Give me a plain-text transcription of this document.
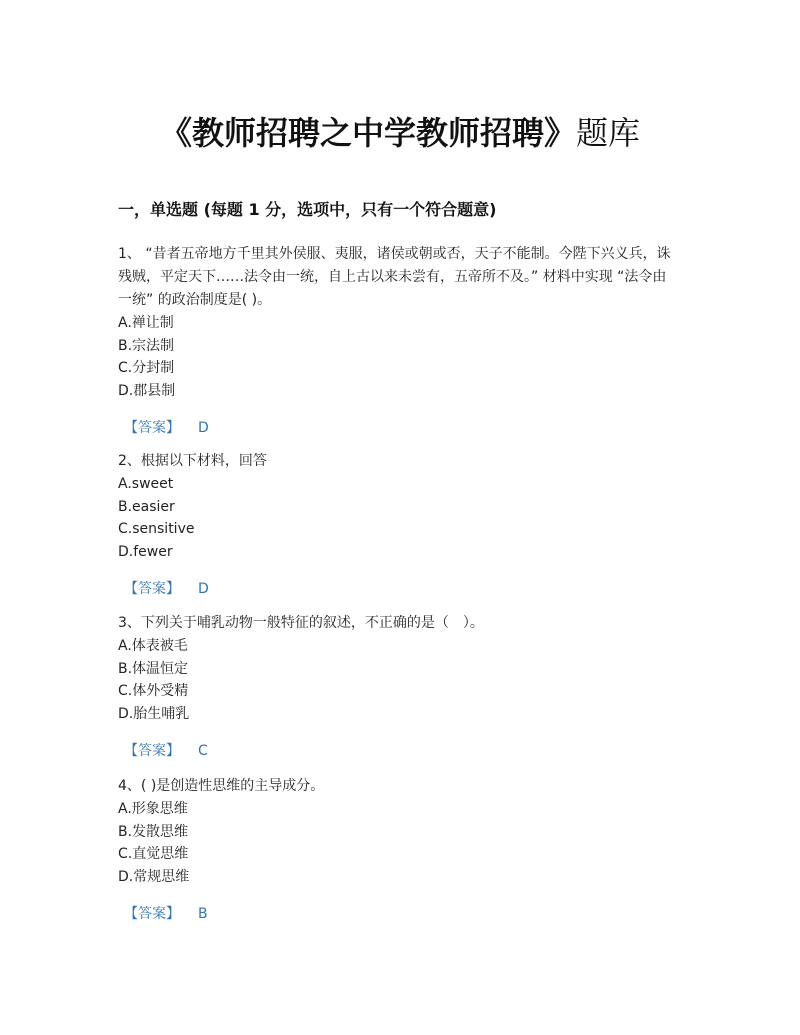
《教师招聘之中学教师招聘》题库
一，单选题 (每题 1 分，选项中，只有一个符合题意)
1、 “昔者五帝地方千里其外侯服、夷服，诸侯或朝或否，天子不能制。今陛下兴义兵，诛残贼，平定天下……法令由一统，自上古以来未尝有，五帝所不及。” 材料中实现 “法令由一统” 的政治制度是( )。
A.禅让制
B.宗法制
C.分封制
D.郡县制
【答案】 D
2、根据以下材料，回答
A.sweet
B.easier
C.sensitive
D.fewer
【答案】 D
3、下列关于哺乳动物一般特征的叙述，不正确的是（　）。
A.体表被毛
B.体温恒定
C.体外受精
D.胎生哺乳
【答案】 C
4、( )是创造性思维的主导成分。
A.形象思维
B.发散思维
C.直觉思维
D.常规思维
【答案】 B
